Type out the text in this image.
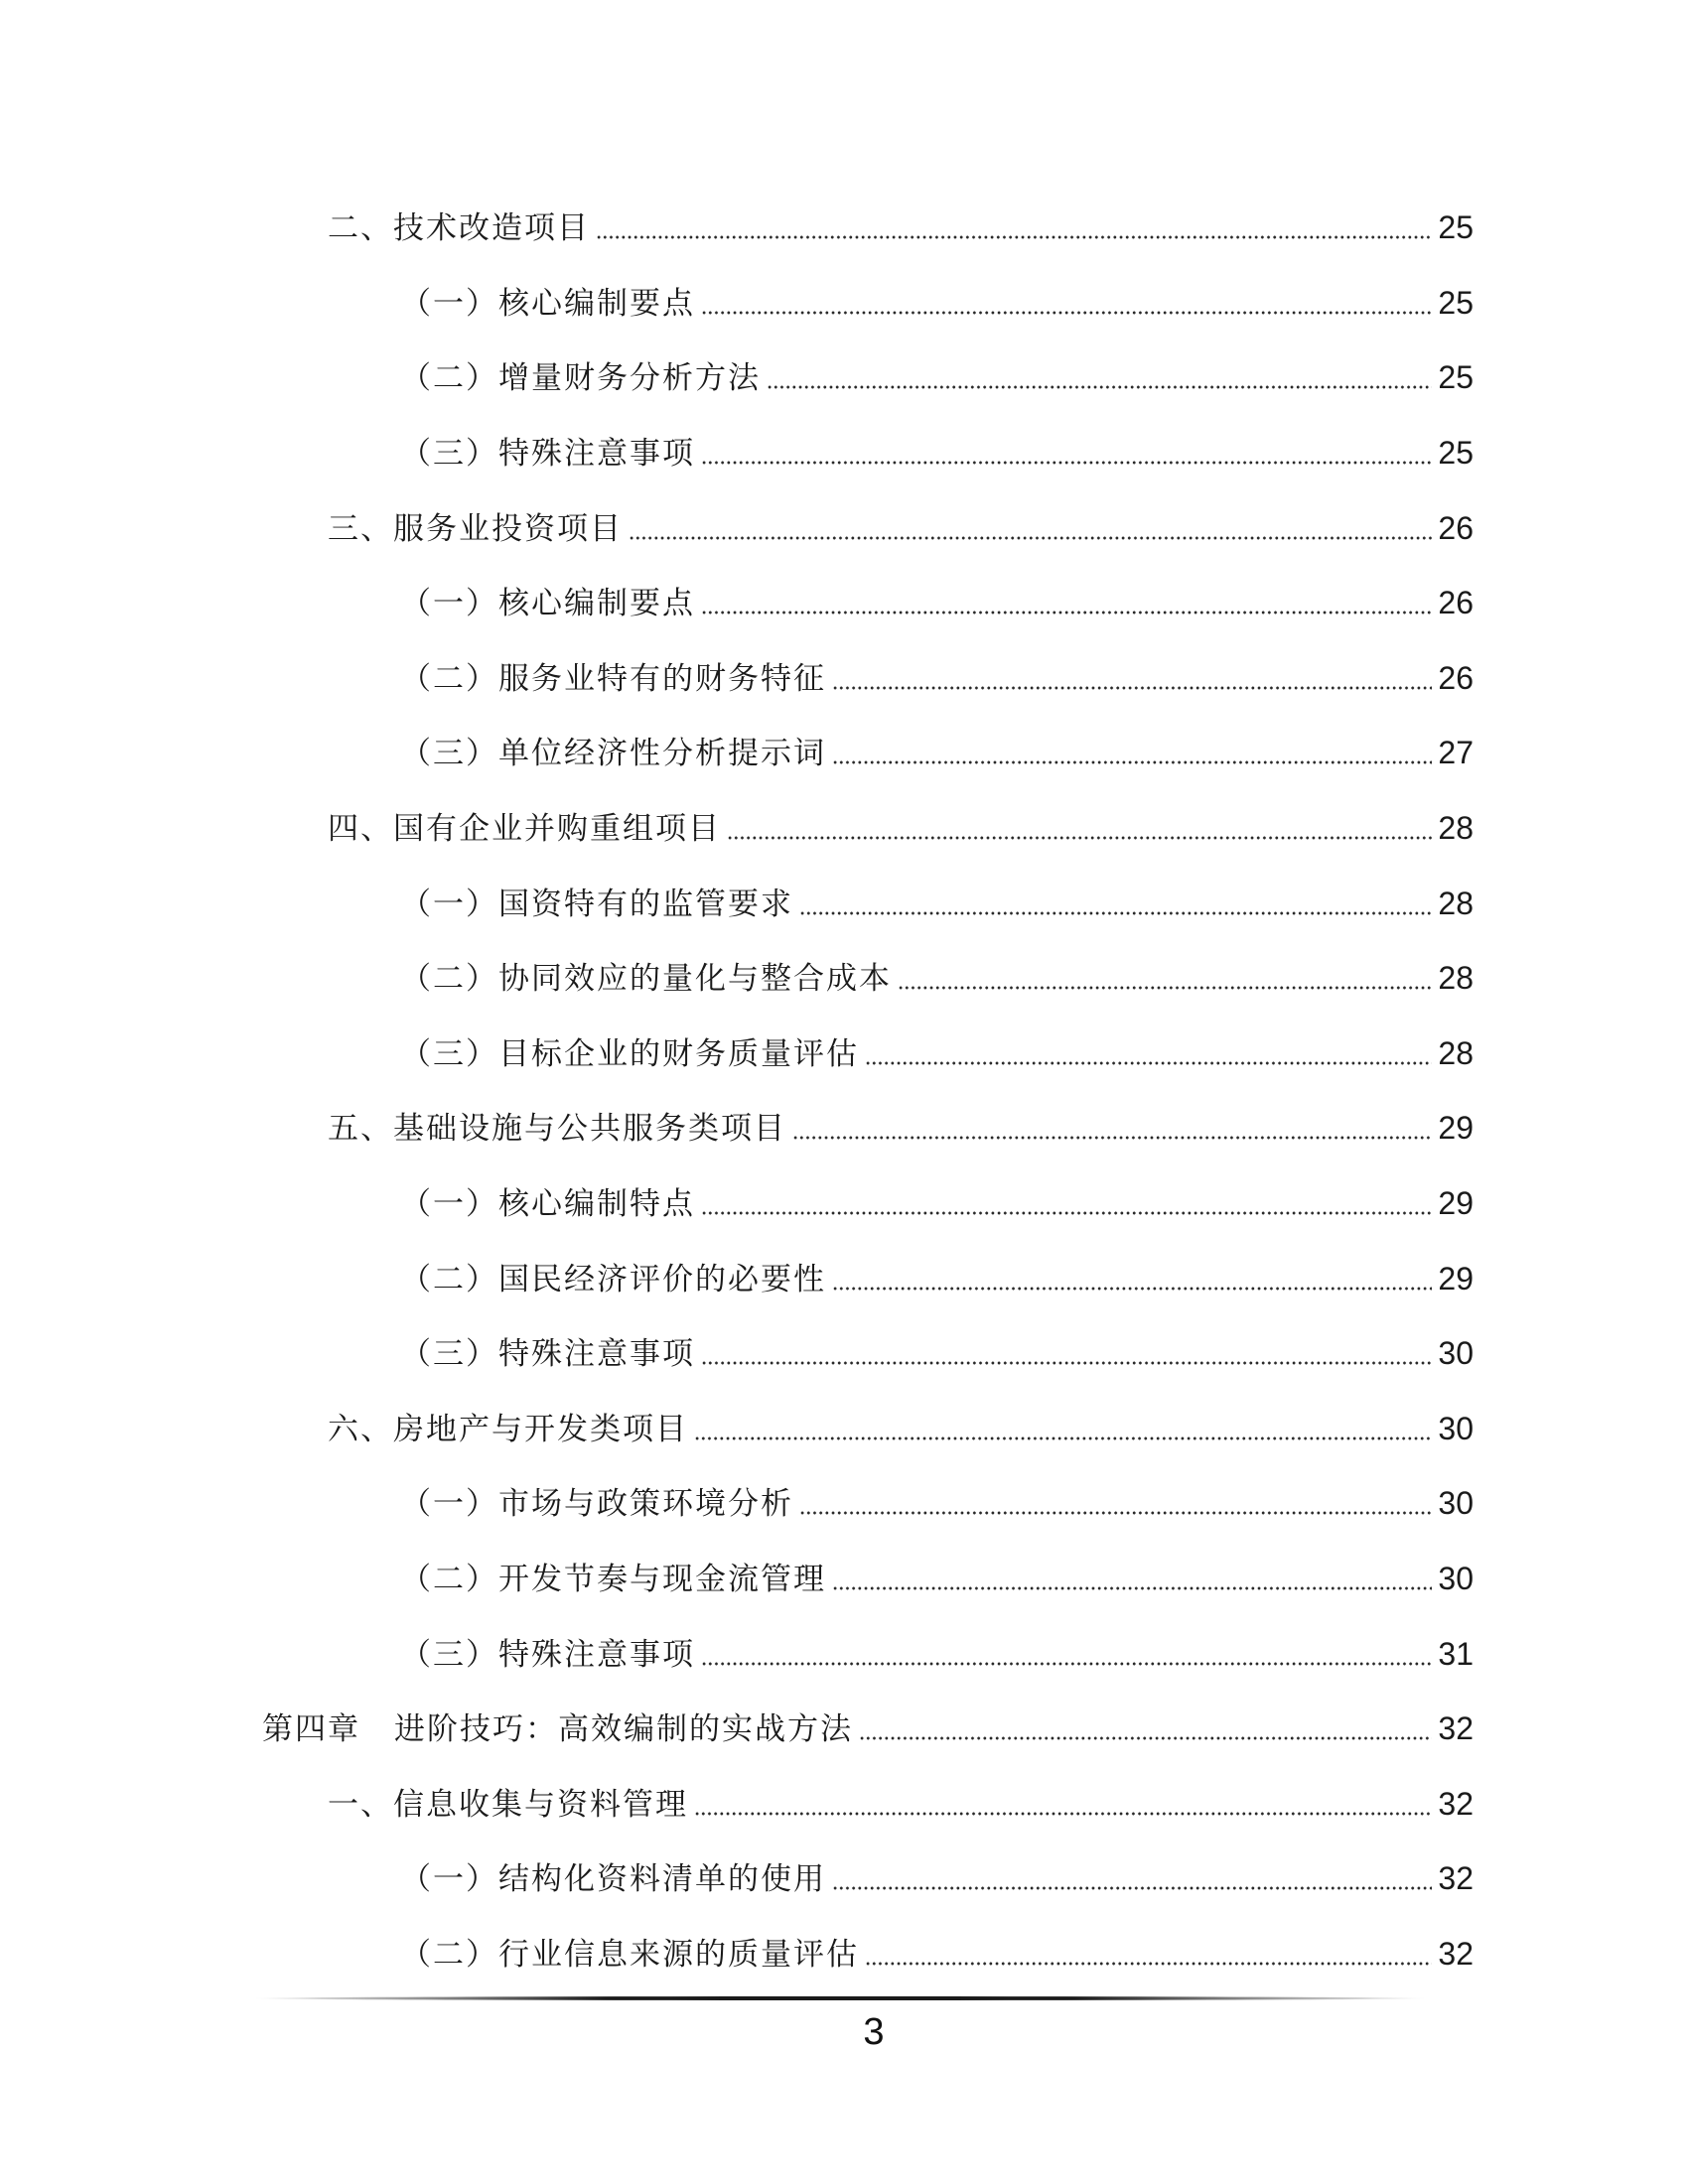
二、技术改造项目	25
（一）核心编制要点	25
（二）增量财务分析方法	25
（三）特殊注意事项	25
三、服务业投资项目	26
（一）核心编制要点	26
（二）服务业特有的财务特征	26
（三）单位经济性分析提示词	27
四、国有企业并购重组项目	28
（一）国资特有的监管要求	28
（二）协同效应的量化与整合成本	28
（三）目标企业的财务质量评估	28
五、基础设施与公共服务类项目	29
（一）核心编制特点	29
（二）国民经济评价的必要性	29
（三）特殊注意事项	30
六、房地产与开发类项目	30
（一）市场与政策环境分析	30
（二）开发节奏与现金流管理	30
（三）特殊注意事项	31
第四章 进阶技巧：高效编制的实战方法	32
一、信息收集与资料管理	32
（一）结构化资料清单的使用	32
（二）行业信息来源的质量评估	32
3
